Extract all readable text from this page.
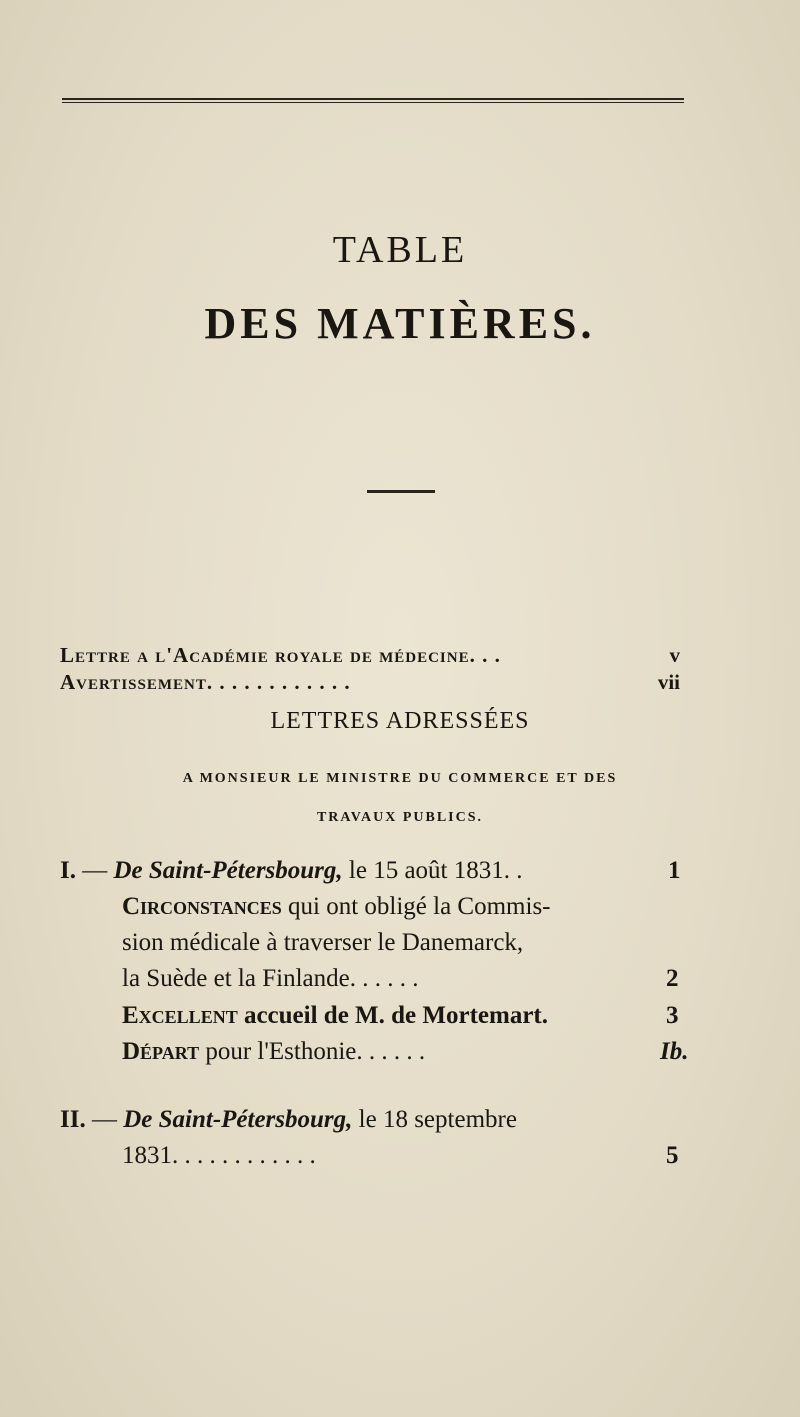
TABLE
DES MATIÈRES.
Lettre a l'Académie royale de médecine. . .	v
Avertissement. . . . . . . . . . . .	vii
LETTRES ADRESSÉES
A MONSIEUR LE MINISTRE DU COMMERCE ET DES
TRAVAUX PUBLICS.
I. — De Saint-Pétersbourg, le 15 août 1831. .	1
Circonstances qui ont obligé la Commis-
sion médicale à traverser le Danemarck,
la Suède et la Finlande. . . . . .	2
Excellent accueil de M. de Mortemart.	3
Départ pour l'Esthonie. . . . . .	Ib.
II. — De Saint-Pétersbourg, le 18 septembre
1831. . . . . . . . . . . .	5
